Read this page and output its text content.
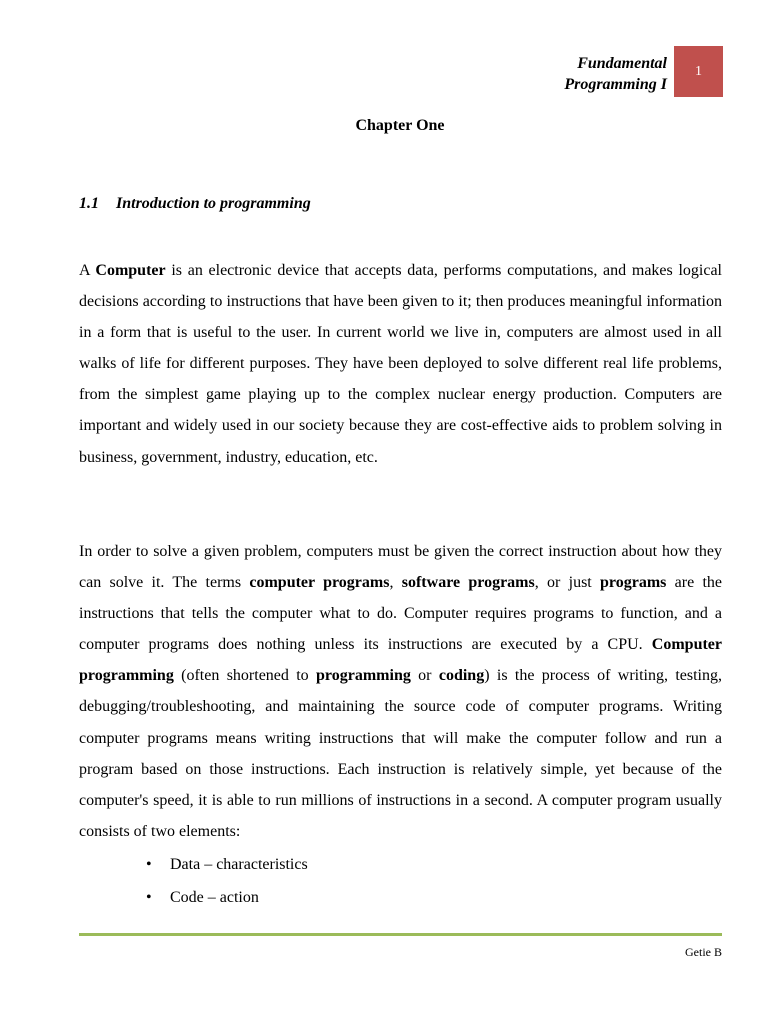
Fundamental
Programming I
1
Chapter One
1.1 Introduction to programming

A Computer is an electronic device that accepts data, performs computations, and makes logical decisions according to instructions that have been given to it; then produces meaningful information in a form that is useful to the user. In current world we live in, computers are almost used in all walks of life for different purposes. They have been deployed to solve different real life problems, from the simplest game playing up to the complex nuclear energy production. Computers are important and widely used in our society because they are cost-effective aids to problem solving in business, government, industry, education, etc.

In order to solve a given problem, computers must be given the correct instruction about how they can solve it. The terms computer programs, software programs, or just programs are the instructions that tells the computer what to do. Computer requires programs to function, and a computer programs does nothing unless its instructions are executed by a CPU. Computer programming (often shortened to programming or coding) is the process of writing, testing, debugging/troubleshooting, and maintaining the source code of computer programs. Writing computer programs means writing instructions that will make the computer follow and run a program based on those instructions. Each instruction is relatively simple, yet because of the computer's speed, it is able to run millions of instructions in a second. A computer program usually consists of two elements:

• Data – characteristics
• Code – action
Getie B
